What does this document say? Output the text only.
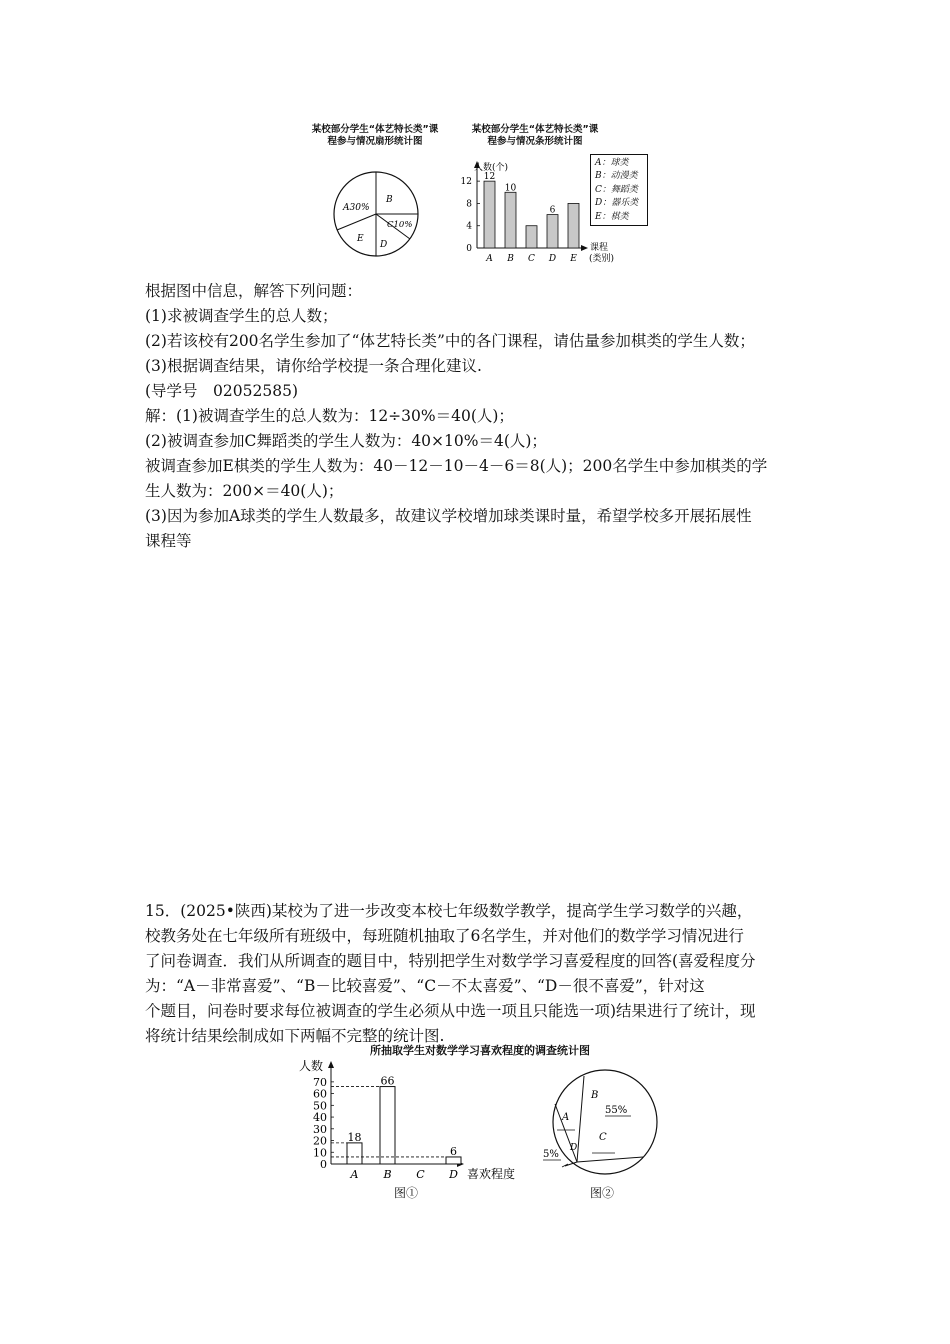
某校部分学生“体艺特长类”课
程参与情况扇形统计图
某校部分学生“体艺特长类”课
程参与情况条形统计图
A30%
B
C10%
D
E
人数(个)
课程
(类别)
0
4
8
12
A
12
B
10
C D
6
E
A：球类
B：动漫类
C：舞蹈类
D：器乐类
E：棋类
根据图中信息，解答下列问题：
(1)求被调查学生的总人数；
(2)若该校有200名学生参加了“体艺特长类”中的各门课程，请估量参加棋类的学生人数；
(3)根据调查结果，请你给学校提一条合理化建议.
(导学号　02052585)
解：(1)被调查学生的总人数为：12÷30%＝40(人)；
(2)被调查参加C舞蹈类的学生人数为：40×10%＝4(人)；
被调查参加E棋类的学生人数为：40－12－10－4－6＝8(人)；200名学生中参加棋类的学
生人数为：200×＝40(人)；
(3)因为参加A球类的学生人数最多，故建议学校增加球类课时量，希望学校多开展拓展性
课程等
15．(2025•陕西)某校为了进一步改变本校七年级数学教学，提高学生学习数学的兴趣，
校教务处在七年级所有班级中，每班随机抽取了6名学生，并对他们的数学学习情况进行
了问卷调查．我们从所调查的题目中，特别把学生对数学学习喜爱程度的回答(喜爱程度分
为：“A－非常喜爱”、“B－比较喜爱”、“C－不太喜爱”、“D－很不喜爱”，针对这
个题目，问卷时要求每位被调查的学生必须从中选一项且只能选一项)结果进行了统计，现
将统计结果绘制成如下两幅不完整的统计图.
所抽取学生对数学学习喜欢程度的调查统计图
人数
喜欢程度
0
10
20
30
40
50
60
70
A
18
B
66
C D
6
A
B
55%
C
D
5%
图①	图②
